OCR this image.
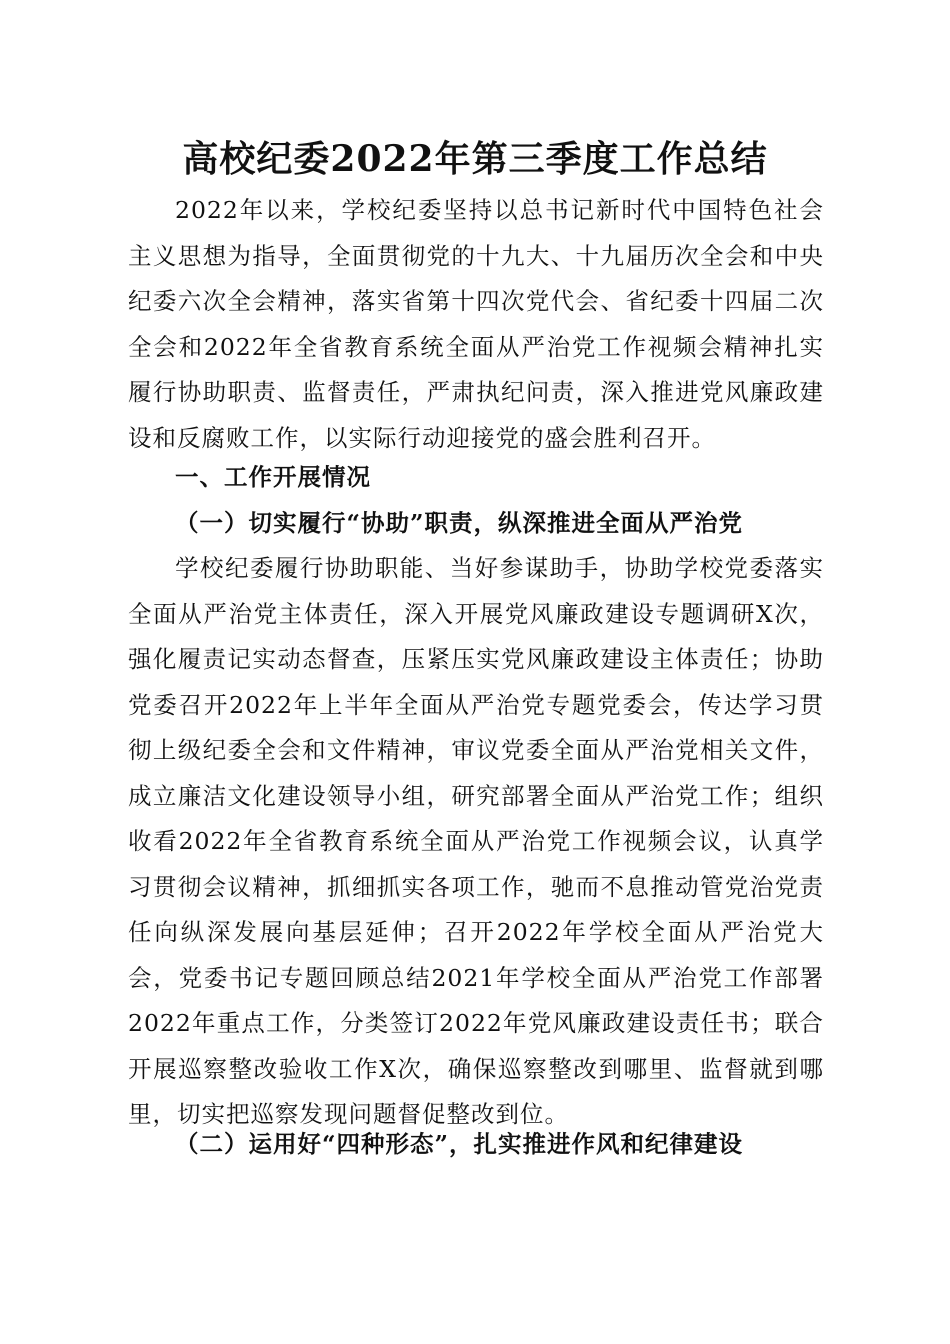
高校纪委2022年第三季度工作总结

2022年以来，学校纪委坚持以总书记新时代中国特色社会主义思想为指导，全面贯彻党的十九大、十九届历次全会和中央纪委六次全会精神，落实省第十四次党代会、省纪委十四届二次全会和2022年全省教育系统全面从严治党工作视频会精神扎实履行协助职责、监督责任，严肃执纪问责，深入推进党风廉政建设和反腐败工作，以实际行动迎接党的盛会胜利召开。

一、工作开展情况
（一）切实履行“协助”职责，纵深推进全面从严治党

学校纪委履行协助职能、当好参谋助手，协助学校党委落实全面从严治党主体责任，深入开展党风廉政建设专题调研X次，强化履责记实动态督查，压紧压实党风廉政建设主体责任；协助党委召开2022年上半年全面从严治党专题党委会，传达学习贯彻上级纪委全会和文件精神，审议党委全面从严治党相关文件，成立廉洁文化建设领导小组，研究部署全面从严治党工作；组织收看2022年全省教育系统全面从严治党工作视频会议，认真学习贯彻会议精神，抓细抓实各项工作，驰而不息推动管党治党责任向纵深发展向基层延伸；召开2022年学校全面从严治党大会，党委书记专题回顾总结2021年学校全面从严治党工作部署2022年重点工作，分类签订2022年党风廉政建设责任书；联合开展巡察整改验收工作X次，确保巡察整改到哪里、监督就到哪里，切实把巡察发现问题督促整改到位。

（二）运用好“四种形态”，扎实推进作风和纪律建设
